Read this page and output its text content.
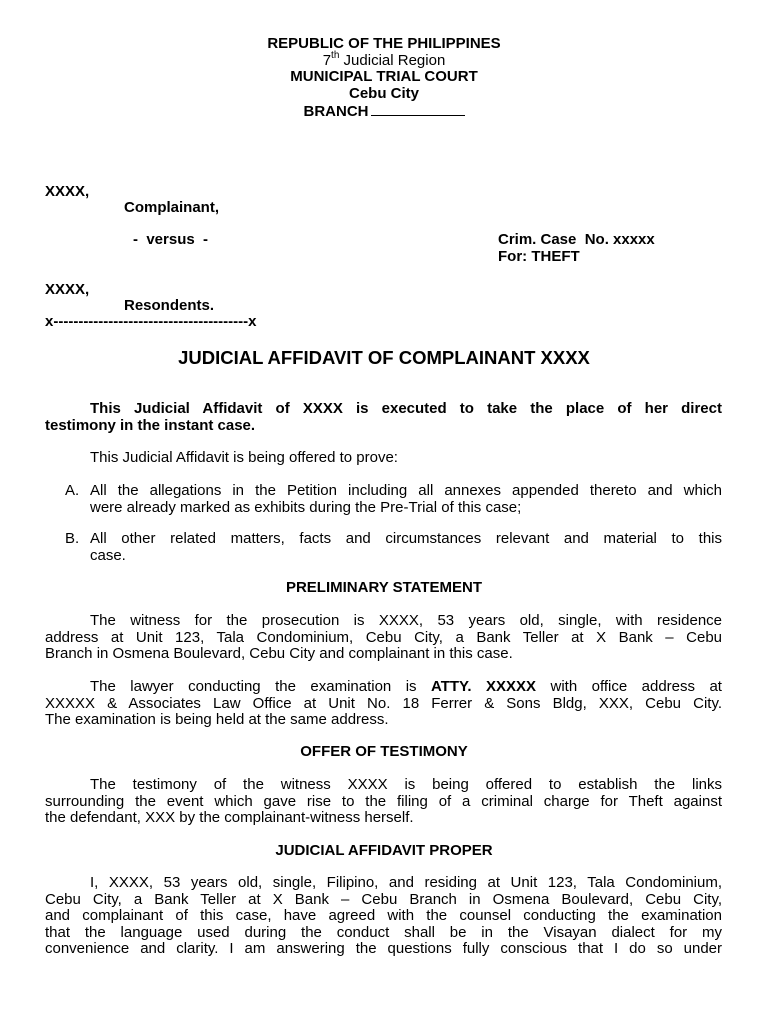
REPUBLIC OF THE PHILIPPINES
7th Judicial Region
MUNICIPAL TRIAL COURT
Cebu City
BRANCH
XXXX,
Complainant,
-  versus  -	Crim. Case  No. xxxxx
For: THEFT
XXXX,
Resondents.
x---------------------------------------x
JUDICIAL AFFIDAVIT OF COMPLAINANT XXXX
This Judicial Affidavit of XXXX is executed to take the place of her direct
testimony in the instant case.
This Judicial Affidavit is being offered to prove:
A. All the allegations in the Petition including all annexes appended thereto and which
were already marked as exhibits during the Pre-Trial of this case;
B. All other related matters, facts and circumstances relevant and material to this
case.
PRELIMINARY STATEMENT
The witness for the prosecution is XXXX, 53 years old, single, with residence
address at Unit 123, Tala Condominium, Cebu City, a Bank Teller at X Bank – Cebu
Branch in Osmena Boulevard, Cebu City and complainant in this case.
The lawyer conducting the examination is ATTY. XXXXX with office address at
XXXXX & Associates Law Office at Unit No. 18 Ferrer & Sons Bldg, XXX, Cebu City.
The examination is being held at the same address.
OFFER OF TESTIMONY
The testimony of the witness XXXX is being offered to establish the links
surrounding the event which gave rise to the filing of a criminal charge for Theft against
the defendant, XXX by the complainant-witness herself.
JUDICIAL AFFIDAVIT PROPER
I, XXXX, 53 years old, single, Filipino, and residing at Unit 123, Tala Condominium,
Cebu City, a Bank Teller at X Bank – Cebu Branch in Osmena Boulevard, Cebu City,
and complainant of this case, have agreed with the counsel conducting the examination
that the language used during the conduct shall be in the Visayan dialect for my
convenience and clarity. I am answering the questions fully conscious that I do so under
